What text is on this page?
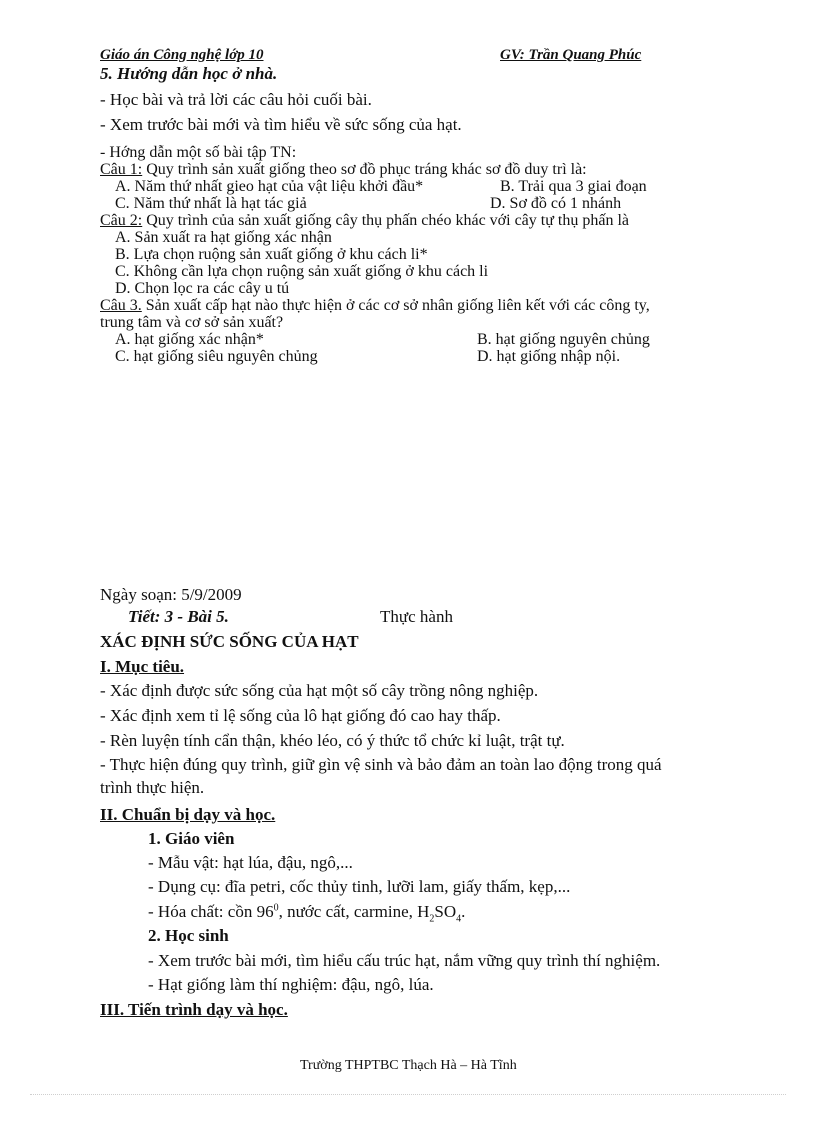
Giáo án Công nghệ lớp 10	GV: Trần Quang Phúc
5. Hướng dẫn học ở nhà.
- Học bài và trả lời các câu hỏi cuối bài.
- Xem trước bài mới và tìm hiểu về sức sống của hạt.
- Hớng dẫn một số bài tập TN:
Câu 1: Quy trình sản xuất giống theo sơ đồ phục tráng khác sơ đồ duy trì là:
A. Năm thứ nhất gieo hạt của vật liệu khởi đầu*	B. Trải qua 3 giai đoạn
C. Năm thứ nhất là hạt tác giả	D. Sơ đồ có 1 nhánh
Câu 2: Quy trình của sản xuất giống cây thụ phấn chéo khác với cây tự thụ phấn là
A. Sản xuất ra hạt giống xác nhận
B. Lựa chọn ruộng sản xuất giống ở khu cách li*
C. Không cần lựa chọn ruộng sản xuất giống ở khu cách li
D. Chọn lọc ra các cây u tú
Câu 3. Sản xuất cấp hạt nào thực hiện ở các cơ sở nhân giống liên kết với các công ty,
trung tâm và cơ sở sản xuất?
A. hạt giống xác nhận*	B. hạt giống nguyên chủng
C. hạt giống siêu nguyên chủng	D. hạt giống nhập nội.
Ngày soạn: 5/9/2009
Tiết: 3 - Bài 5.	Thực hành
XÁC ĐỊNH SỨC SỐNG CỦA HẠT
I. Mục tiêu.
- Xác định được sức sống của hạt một số cây trồng nông nghiệp.
- Xác định xem tỉ lệ sống của lô hạt giống đó cao hay thấp.
- Rèn luyện tính cẩn thận, khéo léo, có ý thức tổ chức kỉ luật, trật tự.
- Thực hiện đúng quy trình, giữ gìn vệ sinh và bảo đảm an toàn lao động trong quá
trình thực hiện.
II. Chuẩn bị dạy và học.
1. Giáo viên
- Mẫu vật: hạt lúa, đậu, ngô,...
- Dụng cụ: đĩa petri, cốc thủy tinh, lưỡi lam, giấy thấm, kẹp,...
- Hóa chất: cồn $96^0$, nước cất, carmine, $H_2SO_4$.
2. Học sinh
- Xem trước bài mới, tìm hiểu cấu trúc hạt, nắm vững quy trình thí nghiệm.
- Hạt giống làm thí nghiệm: đậu, ngô, lúa.
III. Tiến trình dạy và học.
Trường THPTBC Thạch Hà – Hà Tĩnh
